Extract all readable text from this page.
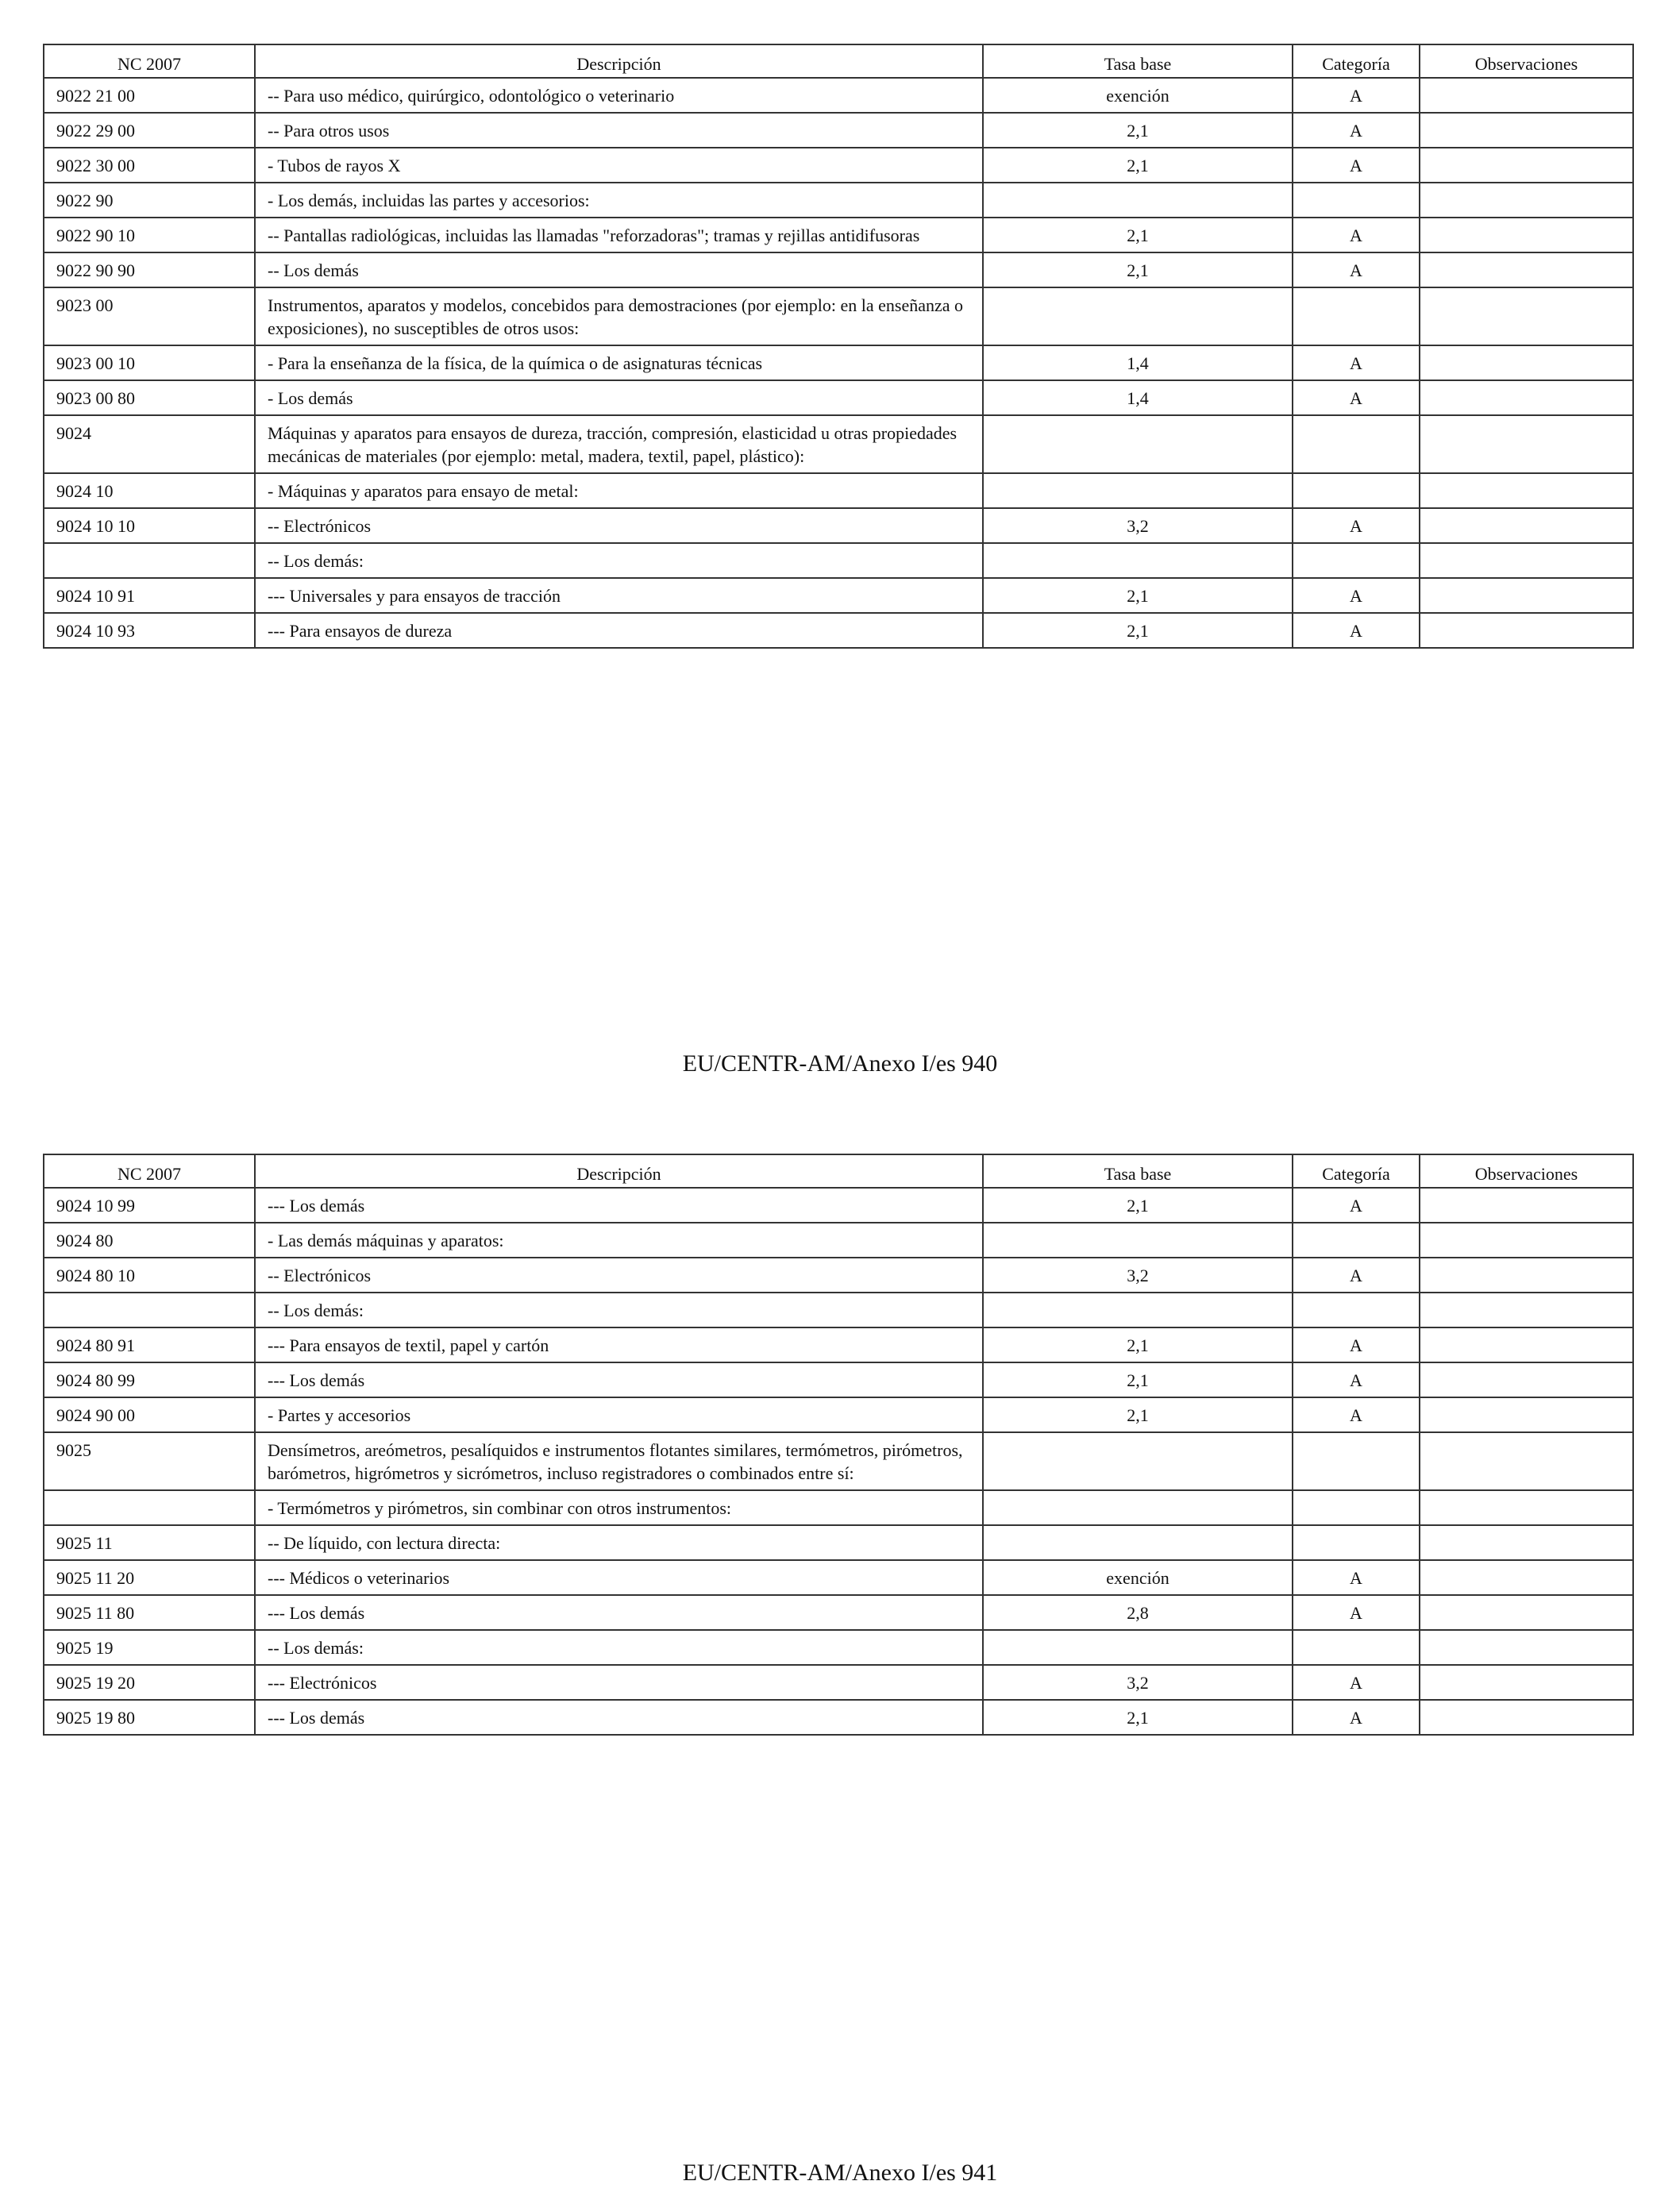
NC 2007	Descripción	Tasa base	Categoría	Observaciones
9022 21 00	-- Para uso médico, quirúrgico, odontológico o veterinario	exención	A	
9022 29 00	-- Para otros usos	2,1	A	
9022 30 00	- Tubos de rayos X	2,1	A	
9022 90	- Los demás, incluidas las partes y accesorios:			
9022 90 10	-- Pantallas radiológicas, incluidas las llamadas "reforzadoras"; tramas y rejillas antidifusoras	2,1	A	
9022 90 90	-- Los demás	2,1	A	
9023 00	Instrumentos, aparatos y modelos, concebidos para demostraciones (por ejemplo: en la enseñanza o exposiciones), no susceptibles de otros usos:			
9023 00 10	- Para la enseñanza de la física, de la química o de asignaturas técnicas	1,4	A	
9023 00 80	- Los demás	1,4	A	
9024	Máquinas y aparatos para ensayos de dureza, tracción, compresión, elasticidad u otras propiedades mecánicas de materiales (por ejemplo: metal, madera, textil, papel, plástico):			
9024 10	- Máquinas y aparatos para ensayo de metal:			
9024 10 10	-- Electrónicos	3,2	A	
	-- Los demás:			
9024 10 91	--- Universales y para ensayos de tracción	2,1	A	
9024 10 93	--- Para ensayos de dureza	2,1	A	
EU/CENTR-AM/Anexo I/es 940
NC 2007	Descripción	Tasa base	Categoría	Observaciones
9024 10 99	--- Los demás	2,1	A	
9024 80	- Las demás máquinas y aparatos:			
9024 80 10	-- Electrónicos	3,2	A	
	-- Los demás:			
9024 80 91	--- Para ensayos de textil, papel y cartón	2,1	A	
9024 80 99	--- Los demás	2,1	A	
9024 90 00	- Partes y accesorios	2,1	A	
9025	Densímetros, areómetros, pesalíquidos e instrumentos flotantes similares, termómetros, pirómetros, barómetros, higrómetros y sicrómetros, incluso registradores o combinados entre sí:			
	- Termómetros y pirómetros, sin combinar con otros instrumentos:			
9025 11	-- De líquido, con lectura directa:			
9025 11 20	--- Médicos o veterinarios	exención	A	
9025 11 80	--- Los demás	2,8	A	
9025 19	-- Los demás:			
9025 19 20	--- Electrónicos	3,2	A	
9025 19 80	--- Los demás	2,1	A	
EU/CENTR-AM/Anexo I/es 941
